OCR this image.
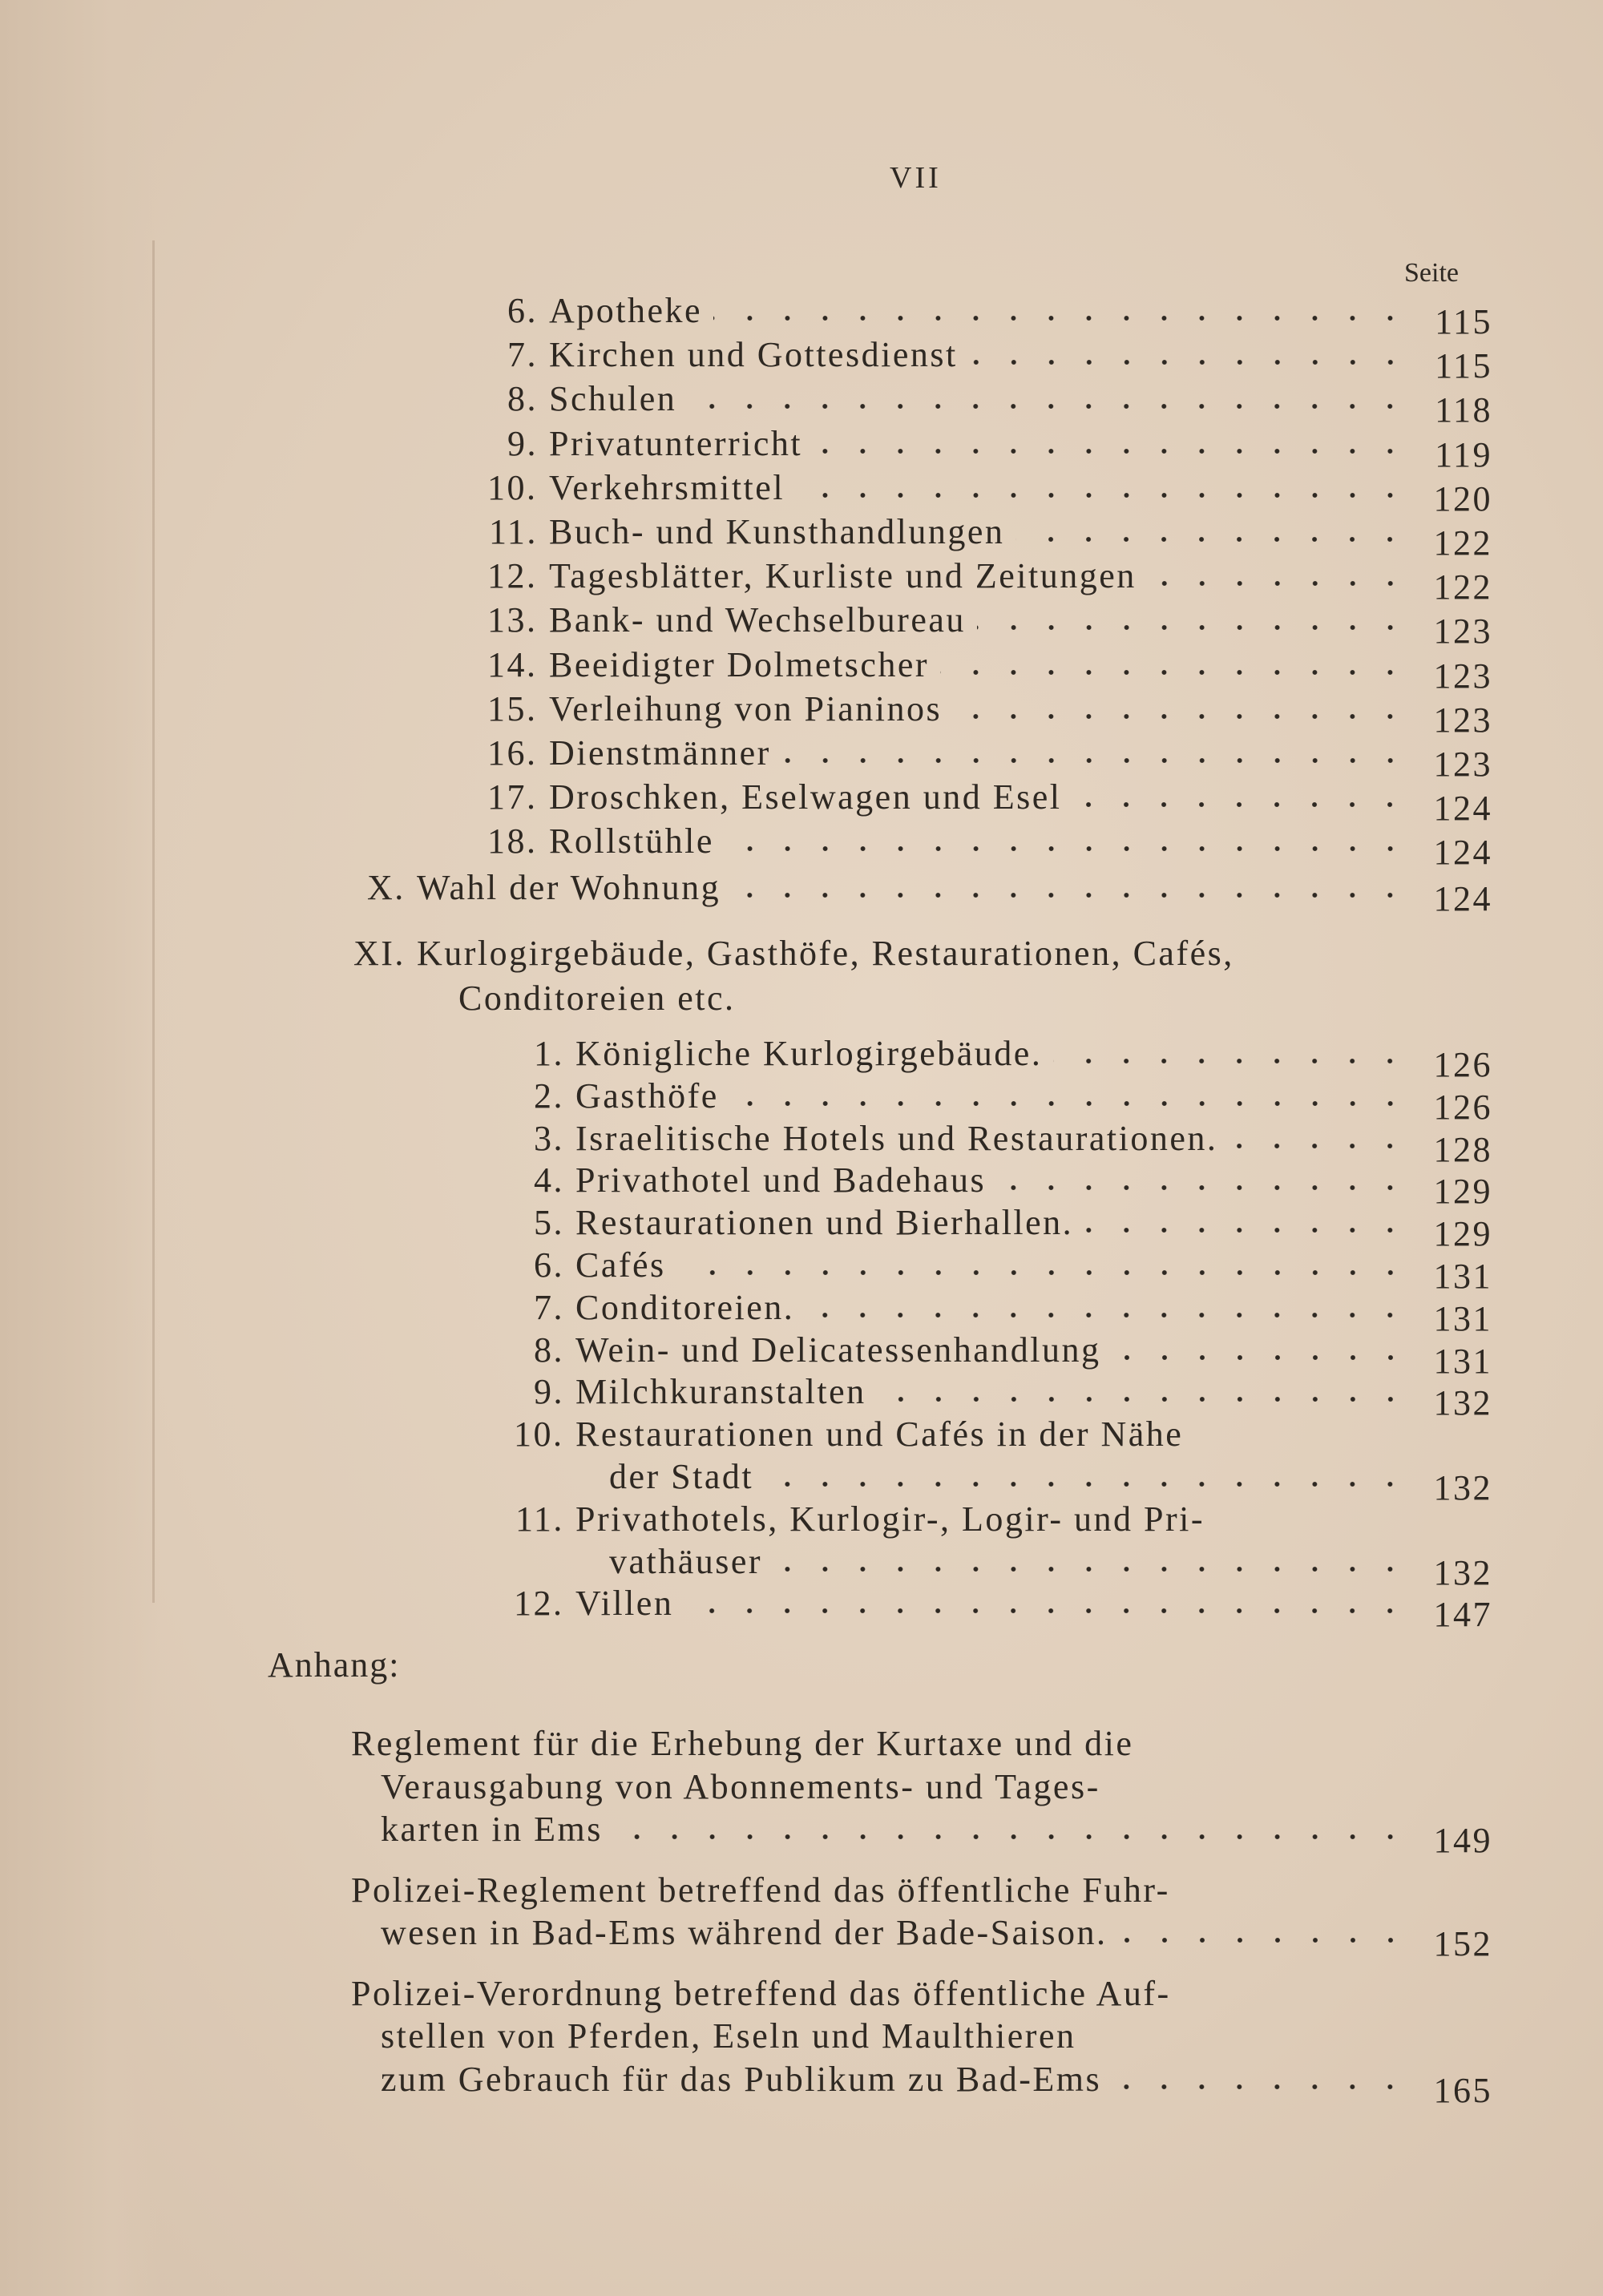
VII
Seite
Anhang:
6. Apotheke	115
7. Kirchen und Gottesdienst	115
8. Schulen	118
9. Privatunterricht	119
10. Verkehrsmittel	120
11. Buch- und Kunsthandlungen	122
12. Tagesblätter, Kurliste und Zeitungen	122
13. Bank- und Wechselbureau	123
14. Beeidigter Dolmetscher	123
15. Verleihung von Pianinos	123
16. Dienstmänner	123
17. Droschken, Eselwagen und Esel	124
18. Rollstühle	124
X. Wahl der Wohnung	124
XI. Kurlogirgebäude, Gasthöfe, Restaurationen, Cafés,
Conditoreien etc.
1. Königliche Kurlogirgebäude.	126
2. Gasthöfe	126
3. Israelitische Hotels und Restaurationen.	128
4. Privathotel und Badehaus	129
5. Restaurationen und Bierhallen.	129
6. Cafés	131
7. Conditoreien.	131
8. Wein- und Delicatessenhandlung	131
9. Milchkuranstalten	132
10. Restaurationen und Cafés in der Nähe
der Stadt	132
11. Privathotels, Kurlogir-, Logir- und Pri-
vathäuser	132
12. Villen	147
Reglement für die Erhebung der Kurtaxe und die
Verausgabung von Abonnements- und Tages-
karten in Ems	149
Polizei-Reglement betreffend das öffentliche Fuhr-
wesen in Bad-Ems während der Bade-Saison.	152
Polizei-Verordnung betreffend das öffentliche Auf-
stellen von Pferden, Eseln und Maulthieren
zum Gebrauch für das Publikum zu Bad-Ems	165
